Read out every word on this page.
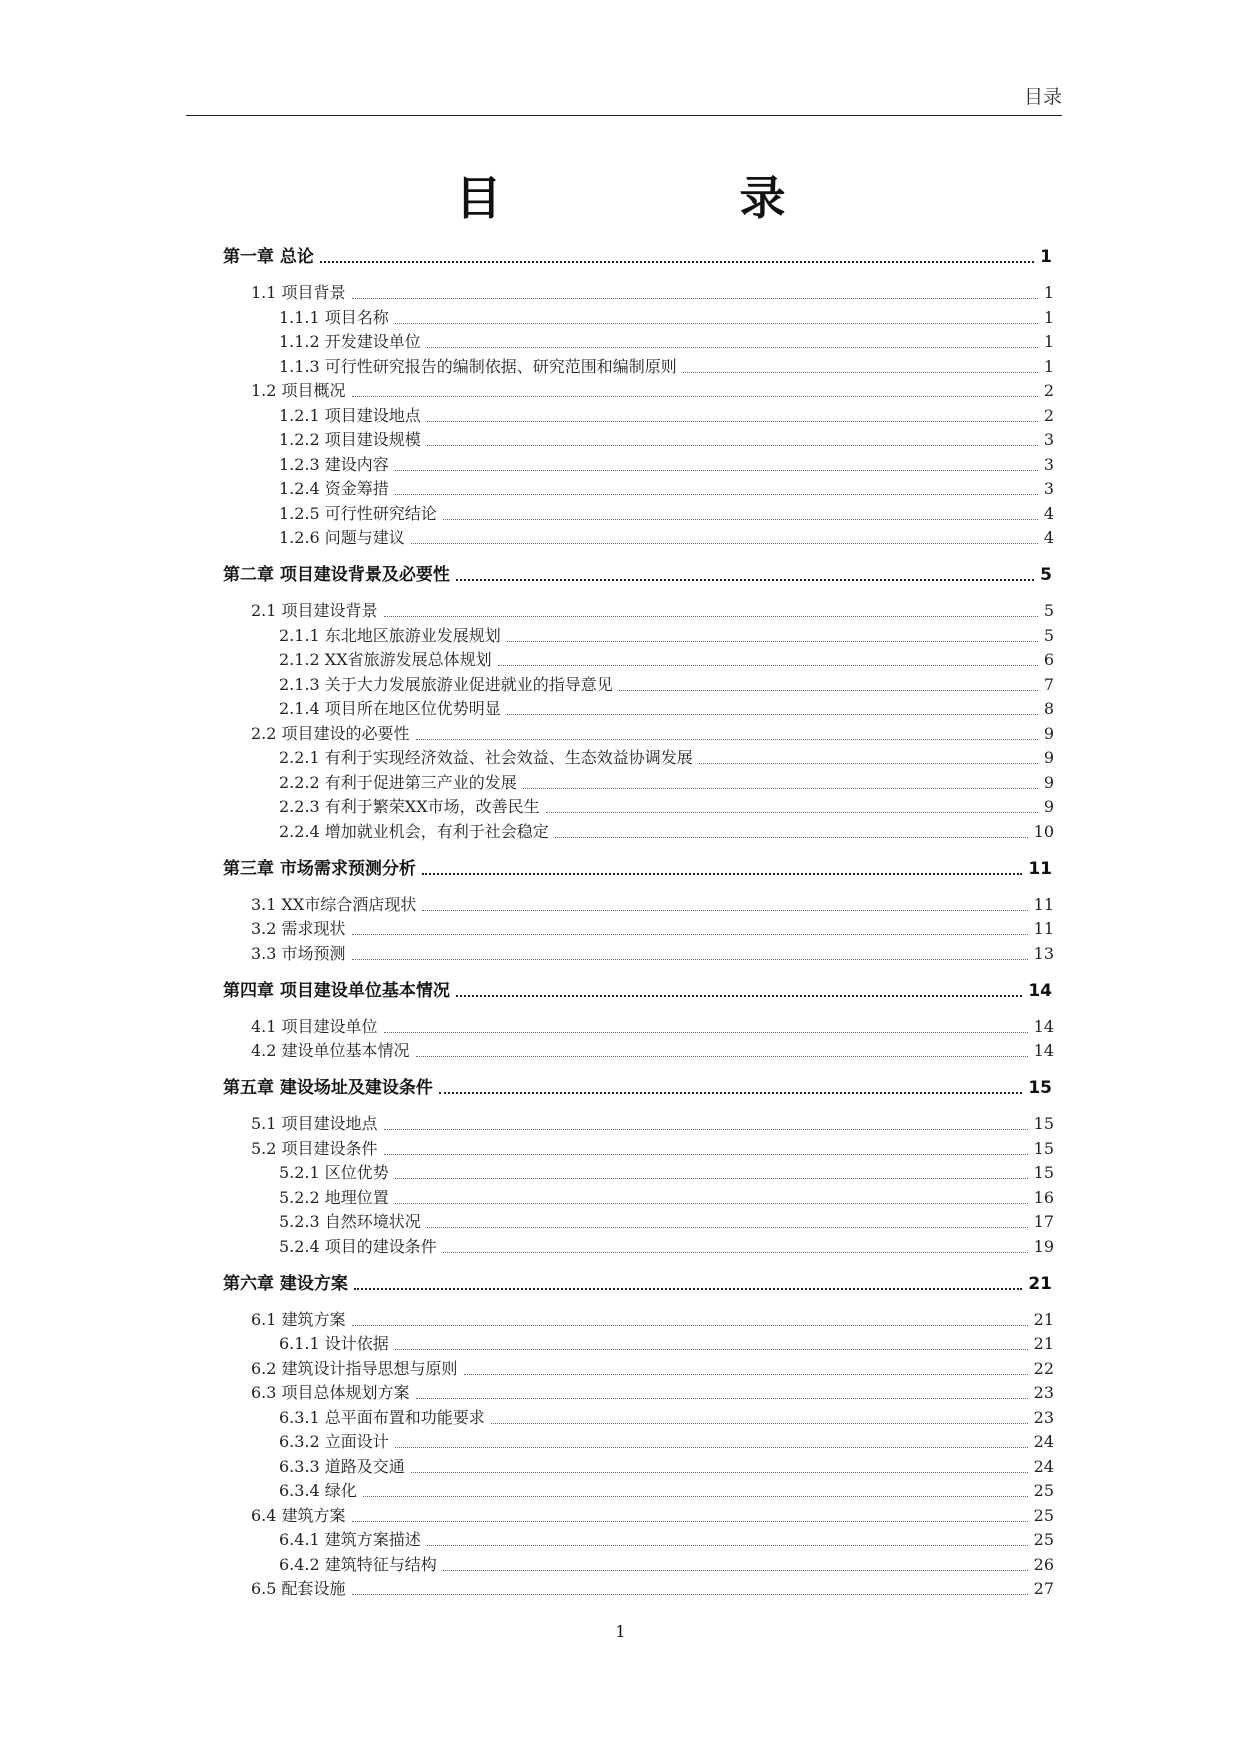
目录
目　录
第一章 总论	1
1.1 项目背景	1
1.1.1 项目名称	1
1.1.2 开发建设单位	1
1.1.3 可行性研究报告的编制依据、研究范围和编制原则	1
1.2 项目概况	2
1.2.1 项目建设地点	2
1.2.2 项目建设规模	3
1.2.3 建设内容	3
1.2.4 资金筹措	3
1.2.5 可行性研究结论	4
1.2.6 问题与建议	4
第二章 项目建设背景及必要性	5
2.1 项目建设背景	5
2.1.1 东北地区旅游业发展规划	5
2.1.2 XX省旅游发展总体规划	6
2.1.3 关于大力发展旅游业促进就业的指导意见	7
2.1.4 项目所在地区位优势明显	8
2.2 项目建设的必要性	9
2.2.1 有利于实现经济效益、社会效益、生态效益协调发展	9
2.2.2 有利于促进第三产业的发展	9
2.2.3 有利于繁荣XX市场，改善民生	9
2.2.4 增加就业机会，有利于社会稳定	10
第三章 市场需求预测分析	11
3.1 XX市综合酒店现状	11
3.2 需求现状	11
3.3 市场预测	13
第四章 项目建设单位基本情况	14
4.1 项目建设单位	14
4.2 建设单位基本情况	14
第五章 建设场址及建设条件	15
5.1 项目建设地点	15
5.2 项目建设条件	15
5.2.1 区位优势	15
5.2.2 地理位置	16
5.2.3 自然环境状况	17
5.2.4 项目的建设条件	19
第六章 建设方案	21
6.1 建筑方案	21
6.1.1 设计依据	21
6.2 建筑设计指导思想与原则	22
6.3 项目总体规划方案	23
6.3.1 总平面布置和功能要求	23
6.3.2 立面设计	24
6.3.3 道路及交通	24
6.3.4 绿化	25
6.4 建筑方案	25
6.4.1 建筑方案描述	25
6.4.2 建筑特征与结构	26
6.5 配套设施	27
1
